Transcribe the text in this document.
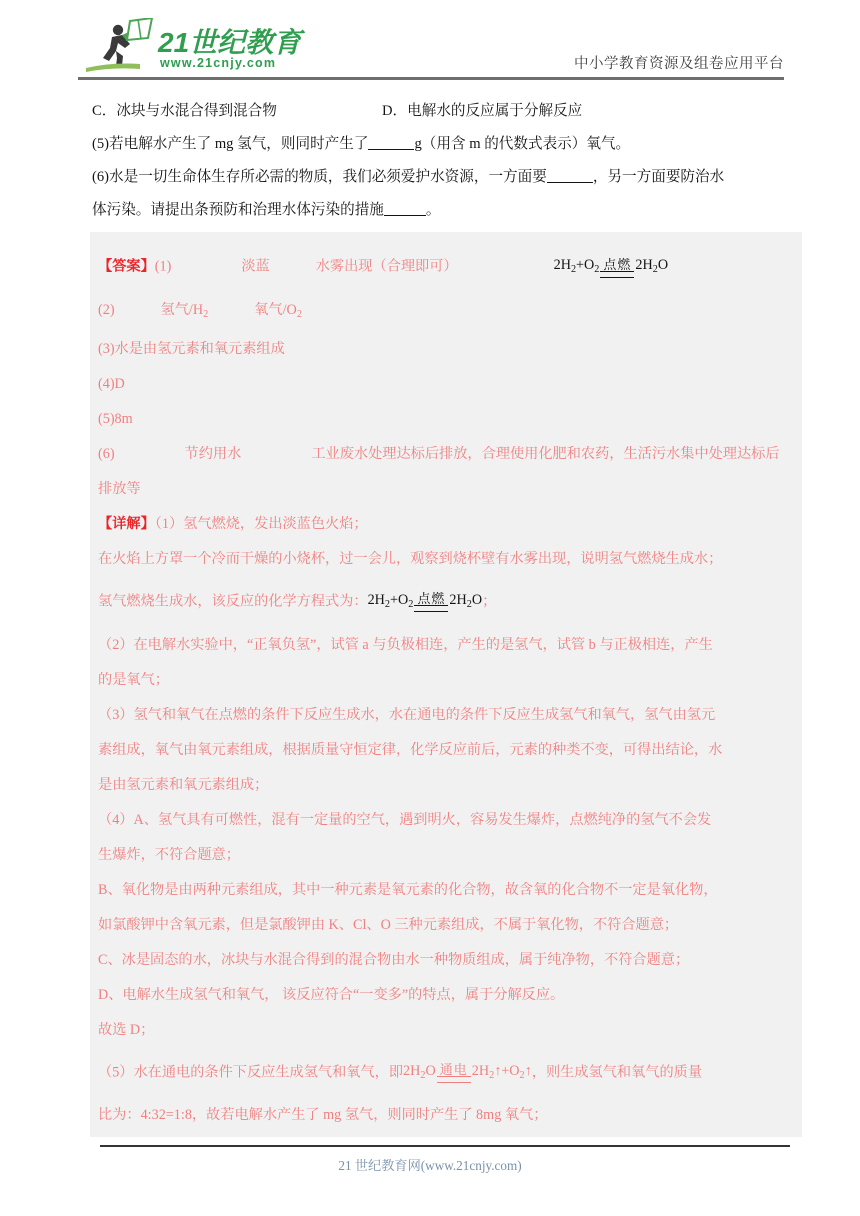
21世纪教育
www.21cnjy.com	中小学教育资源及组卷应用平台
C．冰块与水混合得到混合物	D．电解水的反应属于分解反应
(5)若电解水产生了 mg 氢气，则同时产生了	g（用含 m 的代数式表示）氧气。
(6)水是一切生命体生存所必需的物质，我们必须爱护水资源，一方面要	，另一方面要防治水
体污染。请提出条预防和治理水体污染的措施	。
【答案】(1)	淡蓝	水雾出现（合理即可）	$2H_2+O_2$ 点燃 $2H_2O$
(2)	氢气$/H_2$	氧气$/O_2$
(3)水是由氢元素和氧元素组成
(4)D
(5)8m
(6)	节约用水	工业废水处理达标后排放，合理使用化肥和农药，生活污水集中处理达标后
排放等
【详解】（1）氢气燃烧，发出淡蓝色火焰；
在火焰上方罩一个冷而干燥的小烧杯，过一会儿，观察到烧杯壁有水雾出现，说明氢气燃烧生成水；
氢气燃烧生成水，该反应的化学方程式为：$2H_2+O_2$ 点燃 $2H_2O$；
（2）在电解水实验中，“正氧负氢”，试管 a 与负极相连，产生的是氢气，试管 b 与正极相连，产生
的是氧气；
（3）氢气和氧气在点燃的条件下反应生成水，水在通电的条件下反应生成氢气和氧气，氢气由氢元
素组成，氧气由氧元素组成，根据质量守恒定律，化学反应前后，元素的种类不变，可得出结论，水
是由氢元素和氧元素组成；
（4）A、氢气具有可燃性，混有一定量的空气，遇到明火，容易发生爆炸，点燃纯净的氢气不会发
生爆炸，不符合题意；
B、氧化物是由两种元素组成，其中一种元素是氧元素的化合物，故含氧的化合物不一定是氧化物，
如氯酸钾中含氧元素，但是氯酸钾由 K、Cl、O 三种元素组成，不属于氧化物，不符合题意；
C、冰是固态的水，冰块与水混合得到的混合物由水一种物质组成，属于纯净物，不符合题意；
D、电解水生成氢气和氧气， 该反应符合“一变多”的特点，属于分解反应。
故选 D；
（5）水在通电的条件下反应生成氢气和氧气，即$2H_2O$ 通电 $2H_2↑+O_2↑$，则生成氢气和氧气的质量
比为：4:32=1:8，故若电解水产生了 mg 氢气，则同时产生了 8mg 氧气；
21 世纪教育网(www.21cnjy.com)
